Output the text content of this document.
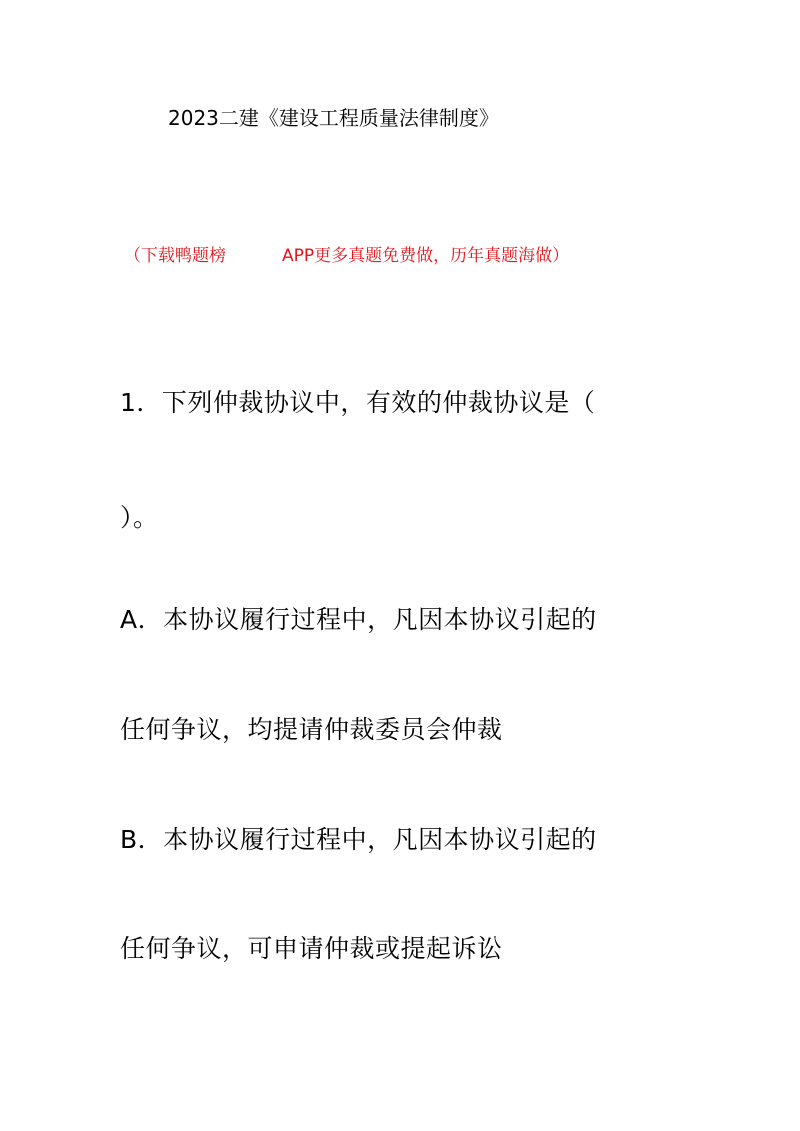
2023二建《建设工程质量法律制度》
（下载鸭题榜	APP更多真题免费做，历年真题海做）
1．下列仲裁协议中，有效的仲裁协议是（
）。
A．本协议履行过程中，凡因本协议引起的
任何争议，均提请仲裁委员会仲裁
B．本协议履行过程中，凡因本协议引起的
任何争议，可申请仲裁或提起诉讼
